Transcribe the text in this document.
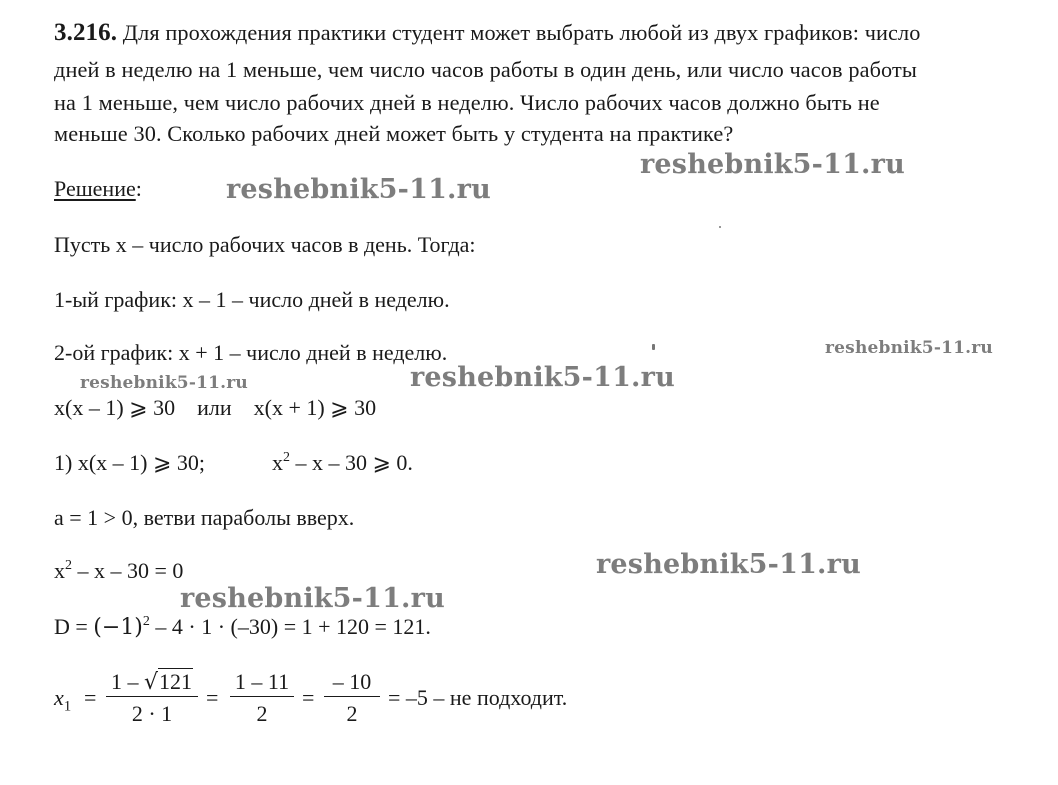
3.216. Для прохождения практики студент может выбрать любой из двух графиков: число
дней в неделю на 1 меньше, чем число часов работы в один день, или число часов работы
на 1 меньше, чем число рабочих дней в неделю. Число рабочих часов должно быть не
меньше 30. Сколько рабочих дней может быть у студента на практике?
Решение:
Пусть x – число рабочих часов в день. Тогда:
1-ый график: x – 1 – число дней в неделю.
2-ой график: x + 1 – число дней в неделю.
x(x – 1) ⩾ 30    или    x(x + 1) ⩾ 30
1) x(x – 1) ⩾ 30;	$x^2$ – x – 30 ⩾ 0.
a = 1 > 0, ветви параболы вверх.
$x^2 - x - 30 = 0$
$D = (-1)^2 - 4 \cdot 1 \cdot (-30) = 1 + 120 = 121$.
$x_1$ =
1 – √121
2 · 1
=
1 – 11
2
=
– 10
2
= –5 – не подходит.
reshebnik5-11.ru
reshebnik5-11.ru
reshebnik5-11.ru
reshebnik5-11.ru	reshebnik5-11.ru
reshebnik5-11.ru
reshebnik5-11.ru
